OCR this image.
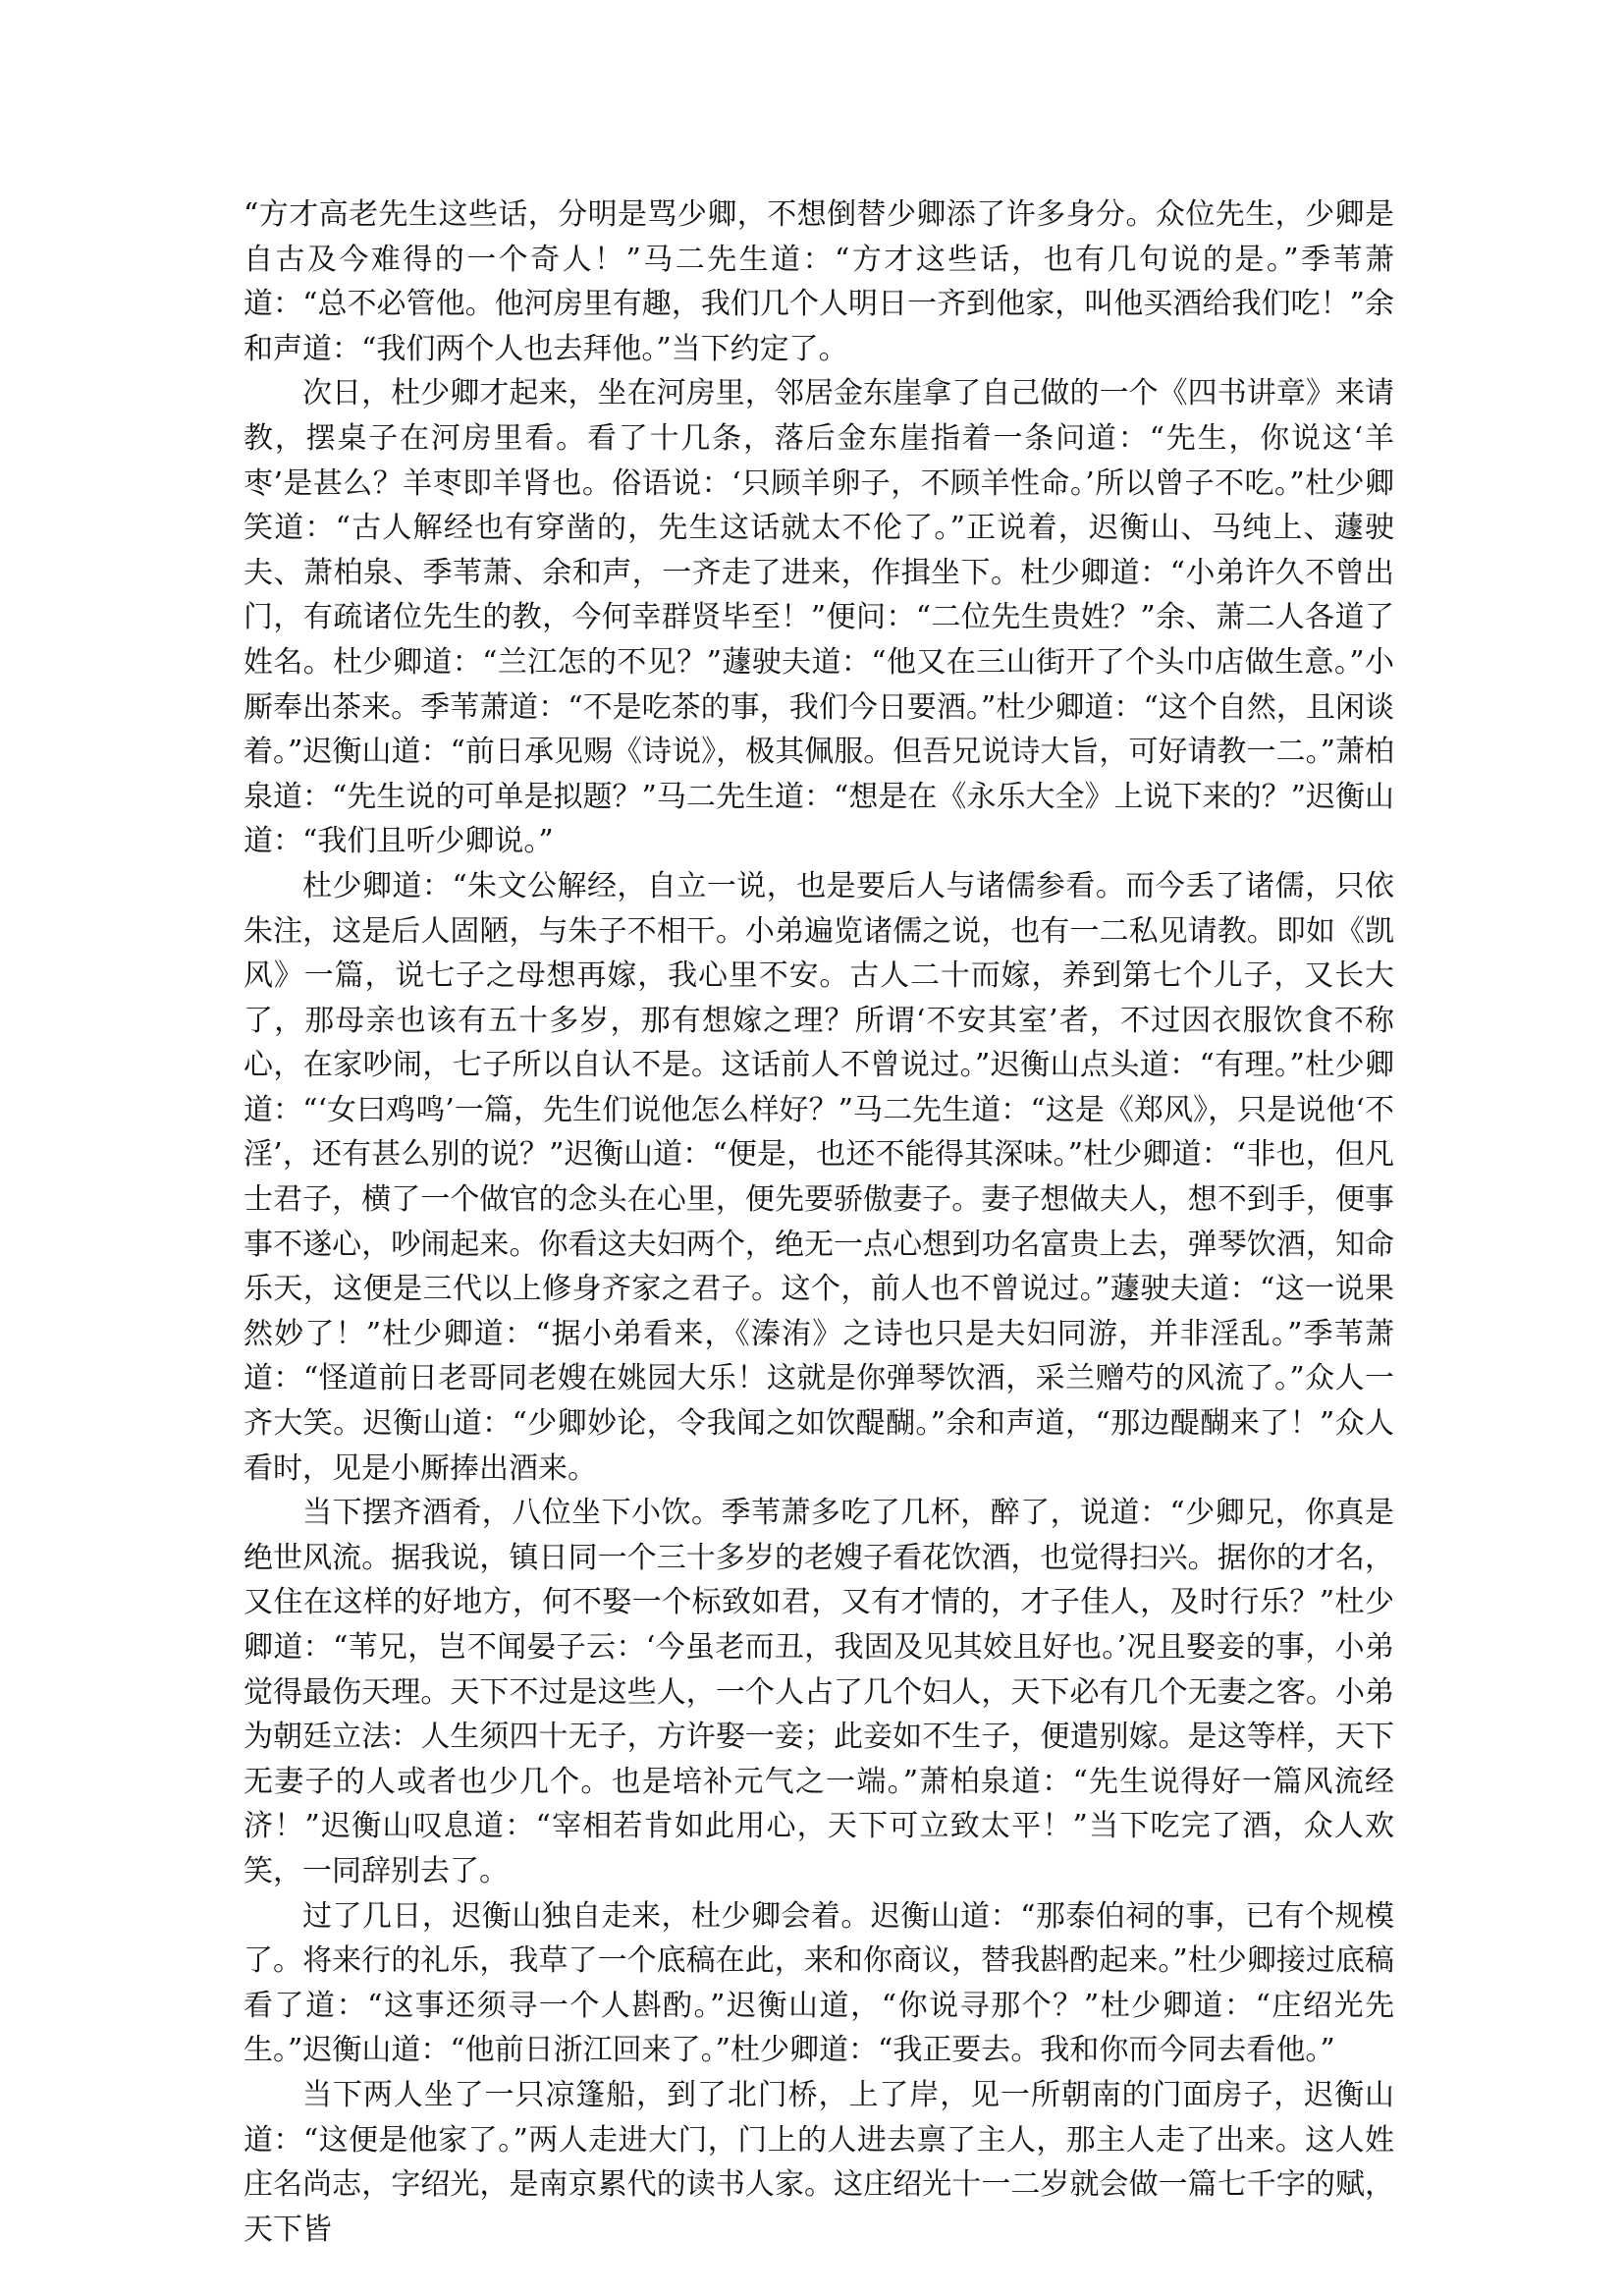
“方才高老先生这些话，分明是骂少卿，不想倒替少卿添了许多身分。众位先生，少卿是自古及今难得的一个奇人！”马二先生道：“方才这些话，也有几句说的是。”季苇萧道：“总不必管他。他河房里有趣，我们几个人明日一齐到他家，叫他买酒给我们吃！”余和声道：“我们两个人也去拜他。”当下约定了。

次日，杜少卿才起来，坐在河房里，邻居金东崖拿了自己做的一个《四书讲章》来请教，摆桌子在河房里看。看了十几条，落后金东崖指着一条问道：“先生，你说这‘羊枣’是甚么？羊枣即羊肾也。俗语说：‘只顾羊卵子，不顾羊性命。’所以曾子不吃。”杜少卿笑道：“古人解经也有穿凿的，先生这话就太不伦了。”正说着，迟衡山、马纯上、蘧驶夫、萧柏泉、季苇萧、余和声，一齐走了进来，作揖坐下。杜少卿道：“小弟许久不曾出门，有疏诸位先生的教，今何幸群贤毕至！”便问：“二位先生贵姓？”余、萧二人各道了姓名。杜少卿道：“兰江怎的不见？”蘧驶夫道：“他又在三山街开了个头巾店做生意。”小厮奉出茶来。季苇萧道：“不是吃茶的事，我们今日要酒。”杜少卿道：“这个自然，且闲谈着。”迟衡山道：“前日承见赐《诗说》，极其佩服。但吾兄说诗大旨，可好请教一二。”萧柏泉道：“先生说的可单是拟题？”马二先生道：“想是在《永乐大全》上说下来的？”迟衡山道：“我们且听少卿说。”

杜少卿道：“朱文公解经，自立一说，也是要后人与诸儒参看。而今丢了诸儒，只依朱注，这是后人固陋，与朱子不相干。小弟遍览诸儒之说，也有一二私见请教。即如《凯风》一篇，说七子之母想再嫁，我心里不安。古人二十而嫁，养到第七个儿子，又长大了，那母亲也该有五十多岁，那有想嫁之理？所谓‘不安其室’者，不过因衣服饮食不称心，在家吵闹，七子所以自认不是。这话前人不曾说过。”迟衡山点头道：“有理。”杜少卿道：“‘女曰鸡鸣’一篇，先生们说他怎么样好？”马二先生道：“这是《郑风》，只是说他‘不淫’，还有甚么别的说？”迟衡山道：“便是，也还不能得其深味。”杜少卿道：“非也，但凡士君子，横了一个做官的念头在心里，便先要骄傲妻子。妻子想做夫人，想不到手，便事事不遂心，吵闹起来。你看这夫妇两个，绝无一点心想到功名富贵上去，弹琴饮酒，知命乐天，这便是三代以上修身齐家之君子。这个，前人也不曾说过。”蘧驶夫道：“这一说果然妙了！”杜少卿道：“据小弟看来，《溱洧》之诗也只是夫妇同游，并非淫乱。”季苇萧道：“怪道前日老哥同老嫂在姚园大乐！这就是你弹琴饮酒，采兰赠芍的风流了。”众人一齐大笑。迟衡山道：“少卿妙论，令我闻之如饮醍醐。”余和声道，“那边醍醐来了！”众人看时，见是小厮捧出酒来。

当下摆齐酒肴，八位坐下小饮。季苇萧多吃了几杯，醉了，说道：“少卿兄，你真是绝世风流。据我说，镇日同一个三十多岁的老嫂子看花饮酒，也觉得扫兴。据你的才名，又住在这样的好地方，何不娶一个标致如君，又有才情的，才子佳人，及时行乐？”杜少卿道：“苇兄，岂不闻晏子云：‘今虽老而丑，我固及见其姣且好也。’况且娶妾的事，小弟觉得最伤天理。天下不过是这些人，一个人占了几个妇人，天下必有几个无妻之客。小弟为朝廷立法：人生须四十无子，方许娶一妾；此妾如不生子，便遣别嫁。是这等样，天下无妻子的人或者也少几个。也是培补元气之一端。”萧柏泉道：“先生说得好一篇风流经济！”迟衡山叹息道：“宰相若肯如此用心，天下可立致太平！”当下吃完了酒，众人欢笑，一同辞别去了。

过了几日，迟衡山独自走来，杜少卿会着。迟衡山道：“那泰伯祠的事，已有个规模了。将来行的礼乐，我草了一个底稿在此，来和你商议，替我斟酌起来。”杜少卿接过底稿看了道：“这事还须寻一个人斟酌。”迟衡山道，“你说寻那个？”杜少卿道：“庄绍光先生。”迟衡山道：“他前日浙江回来了。”杜少卿道：“我正要去。我和你而今同去看他。”

当下两人坐了一只凉篷船，到了北门桥，上了岸，见一所朝南的门面房子，迟衡山道：“这便是他家了。”两人走进大门，门上的人进去禀了主人，那主人走了出来。这人姓庄名尚志，字绍光，是南京累代的读书人家。这庄绍光十一二岁就会做一篇七千字的赋，天下皆
